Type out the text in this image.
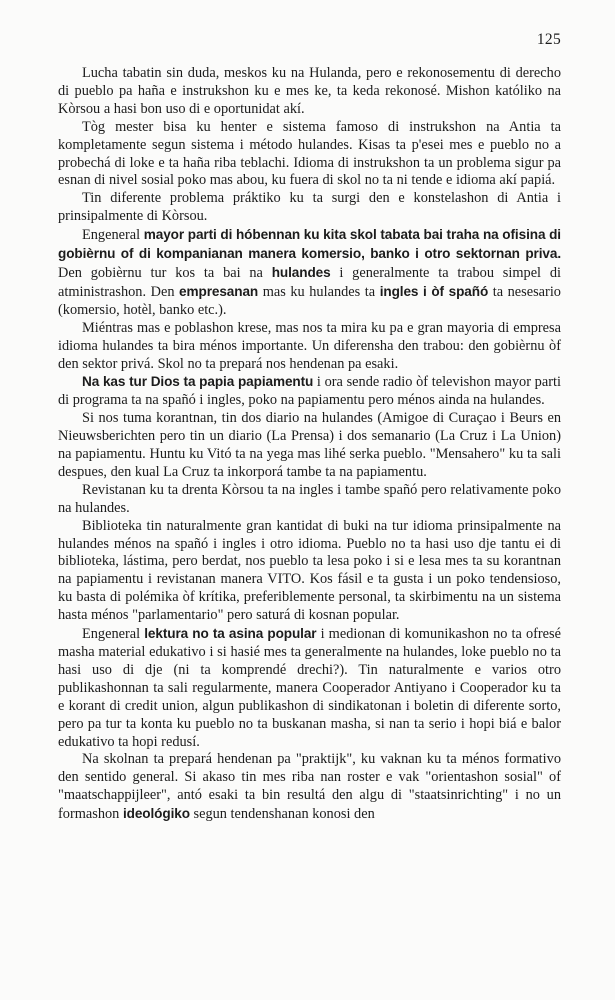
125

Lucha tabatin sin duda, meskos ku na Hulanda, pero e rekonosementu di derecho di pueblo pa haña e instrukshon ku e mes ke, ta keda rekonosé. Mishon katóliko na Kòrsou a hasi bon uso di e oportunidat akí.

Tòg mester bisa ku henter e sistema famoso di instrukshon na Antia ta kompletamente segun sistema i método hulandes. Kisas ta p'esei mes e pueblo no a probechá di loke e ta haña riba teblachi. Idioma di instrukshon ta un problema sigur pa esnan di nivel sosial poko mas abou, ku fuera di skol no ta ni tende e idioma akí papiá.

Tin diferente problema práktiko ku ta surgi den e konstelashon di Antia i prinsipalmente di Kòrsou.

Engeneral mayor parti di hóbennan ku kita skol tabata bai traha na ofisina di gobièrnu of di kompanianan manera komersio, banko i otro sektornan priva. Den gobièrnu tur kos ta bai na hulandes i generalmente ta trabou simpel di atministrashon. Den empresanan mas ku hulandes ta ingles i òf spañó ta nesesario (komersio, hotèl, banko etc.).

Miéntras mas e poblashon krese, mas nos ta mira ku pa e gran mayoria di empresa idioma hulandes ta bira ménos importante. Un diferensha den trabou: den gobièrnu òf den sektor privá. Skol no ta prepará nos hendenan pa esaki.

Na kas tur Dios ta papia papiamentu i ora sende radio òf televishon mayor parti di programa ta na spañó i ingles, poko na papiamentu pero ménos ainda na hulandes.

Si nos tuma korantnan, tin dos diario na hulandes (Amigoe di Curaçao i Beurs en Nieuwsberichten pero tin un diario (La Prensa) i dos semanario (La Cruz i La Union) na papiamentu. Huntu ku Vitó ta na yega mas lihé serka pueblo. "Mensahero" ku ta sali despues, den kual La Cruz ta inkorporá tambe ta na papiamentu.

Revistanan ku ta drenta Kòrsou ta na ingles i tambe spañó pero relativamente poko na hulandes.

Biblioteka tin naturalmente gran kantidat di buki na tur idioma prinsipalmente na hulandes ménos na spañó i ingles i otro idioma. Pueblo no ta hasi uso dje tantu ei di biblioteka, lástima, pero berdat, nos pueblo ta lesa poko i si e lesa mes ta su korantnan na papiamentu i revistanan manera VITO. Kos fásil e ta gusta i un poko tendensioso, ku basta di polémika òf krítika, preferiblemente personal, ta skirbimentu na un sistema hasta ménos "parlamentario" pero saturá di kosnan popular.

Engeneral lektura no ta asina popular i medionan di komunikashon no ta ofresé masha material edukativo i si hasié mes ta generalmente na hulandes, loke pueblo no ta hasi uso di dje (ni ta komprendé drechi?). Tin naturalmente e varios otro publikashonnan ta sali regularmente, manera Cooperador Antiyano i Cooperador ku ta e korant di credit union, algun publikashon di sindikatonan i boletin di diferente sorto, pero pa tur ta konta ku pueblo no ta buskanan masha, si nan ta serio i hopi biá e balor edukativo ta hopi redusí.

Na skolnan ta prepará hendenan pa "praktijk", ku vaknan ku ta ménos formativo den sentido general. Si akaso tin mes riba nan roster e vak "orientashon sosial" of "maatschappijleer", antó esaki ta bin resultá den algu di "staatsinrichting" i no un formashon ideológiko segun tendenshanan konosi den
